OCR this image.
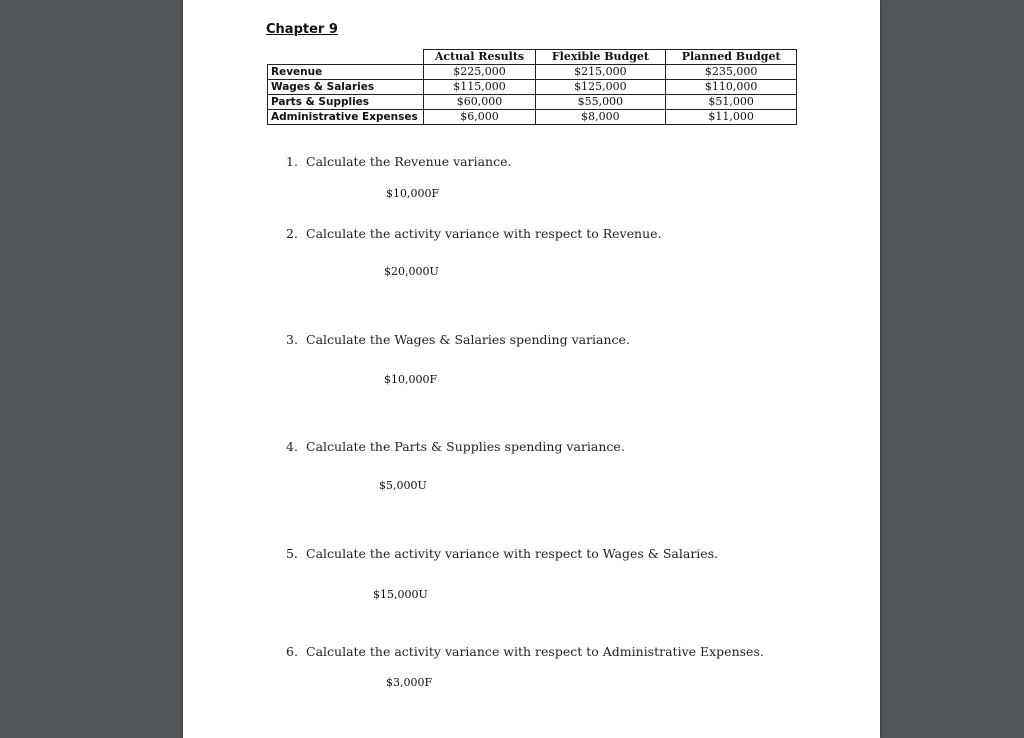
Chapter 9
	Actual Results	Flexible Budget	Planned Budget
Revenue	$225,000	$215,000	$235,000
Wages & Salaries	$115,000	$125,000	$110,000
Parts & Supplies	$60,000	$55,000	$51,000
Administrative Expenses	$6,000	$8,000	$11,000
1. Calculate the Revenue variance.
$10,000F
2. Calculate the activity variance with respect to Revenue.
$20,000U
3. Calculate the Wages & Salaries spending variance.
$10,000F
4. Calculate the Parts & Supplies spending variance.
$5,000U
5. Calculate the activity variance with respect to Wages & Salaries.
$15,000U
6. Calculate the activity variance with respect to Administrative Expenses.
$3,000F
